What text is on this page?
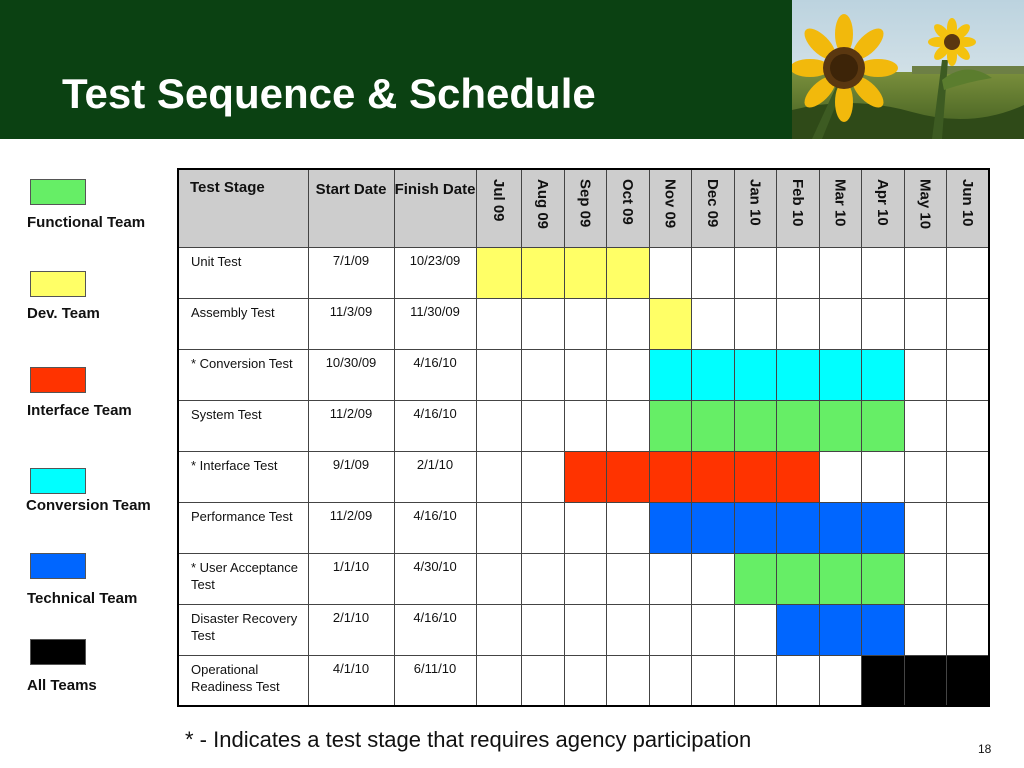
Test Sequence & Schedule
Functional Team
Dev. Team
Interface Team
Conversion Team
Technical Team
All Teams
Test Stage	Start Date	Finish Date	Jul 09	Aug 09	Sep 09	Oct 09	Nov 09	Dec 09	Jan 10	Feb 10	Mar 10	Apr 10	May 10	Jun 10

Unit Test	7/1/09	10/23/09												
Assembly Test	11/3/09	11/30/09												
* Conversion Test	10/30/09	4/16/10												
System Test	11/2/09	4/16/10												
* Interface Test	9/1/09	2/1/10												
Performance Test	11/2/09	4/16/10												
* User Acceptance Test	1/1/10	4/30/10												
Disaster Recovery Test	2/1/10	4/16/10												
Operational Readiness Test	4/1/10	6/11/10												
* - Indicates a test stage that requires agency participation	18
